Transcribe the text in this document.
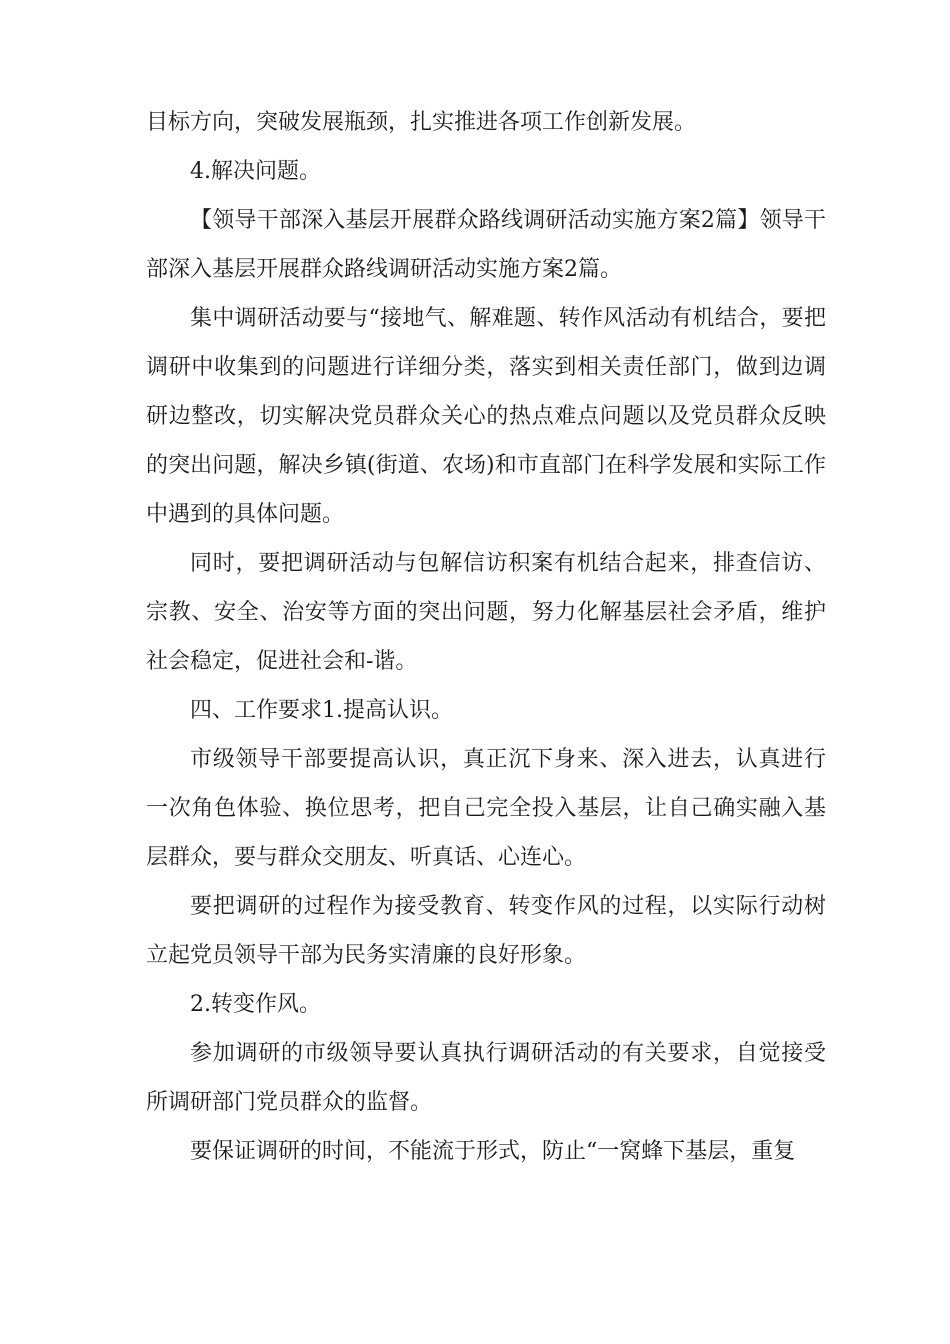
目标方向，突破发展瓶颈，扎实推进各项工作创新发展。

4.解决问题。

【领导干部深入基层开展群众路线调研活动实施方案2篇】领导干部深入基层开展群众路线调研活动实施方案2篇。

集中调研活动要与“接地气、解难题、转作风活动有机结合，要把调研中收集到的问题进行详细分类，落实到相关责任部门，做到边调研边整改，切实解决党员群众关心的热点难点问题以及党员群众反映的突出问题，解决乡镇(街道、农场)和市直部门在科学发展和实际工作中遇到的具体问题。

同时，要把调研活动与包解信访积案有机结合起来，排查信访、宗教、安全、治安等方面的突出问题，努力化解基层社会矛盾，维护社会稳定，促进社会和-谐。

四、工作要求1.提高认识。

市级领导干部要提高认识，真正沉下身来、深入进去，认真进行一次角色体验、换位思考，把自己完全投入基层，让自己确实融入基层群众，要与群众交朋友、听真话、心连心。

要把调研的过程作为接受教育、转变作风的过程，以实际行动树立起党员领导干部为民务实清廉的良好形象。

2.转变作风。

参加调研的市级领导要认真执行调研活动的有关要求，自觉接受所调研部门党员群众的监督。

要保证调研的时间，不能流于形式，防止“一窝蜂下基层，重复
